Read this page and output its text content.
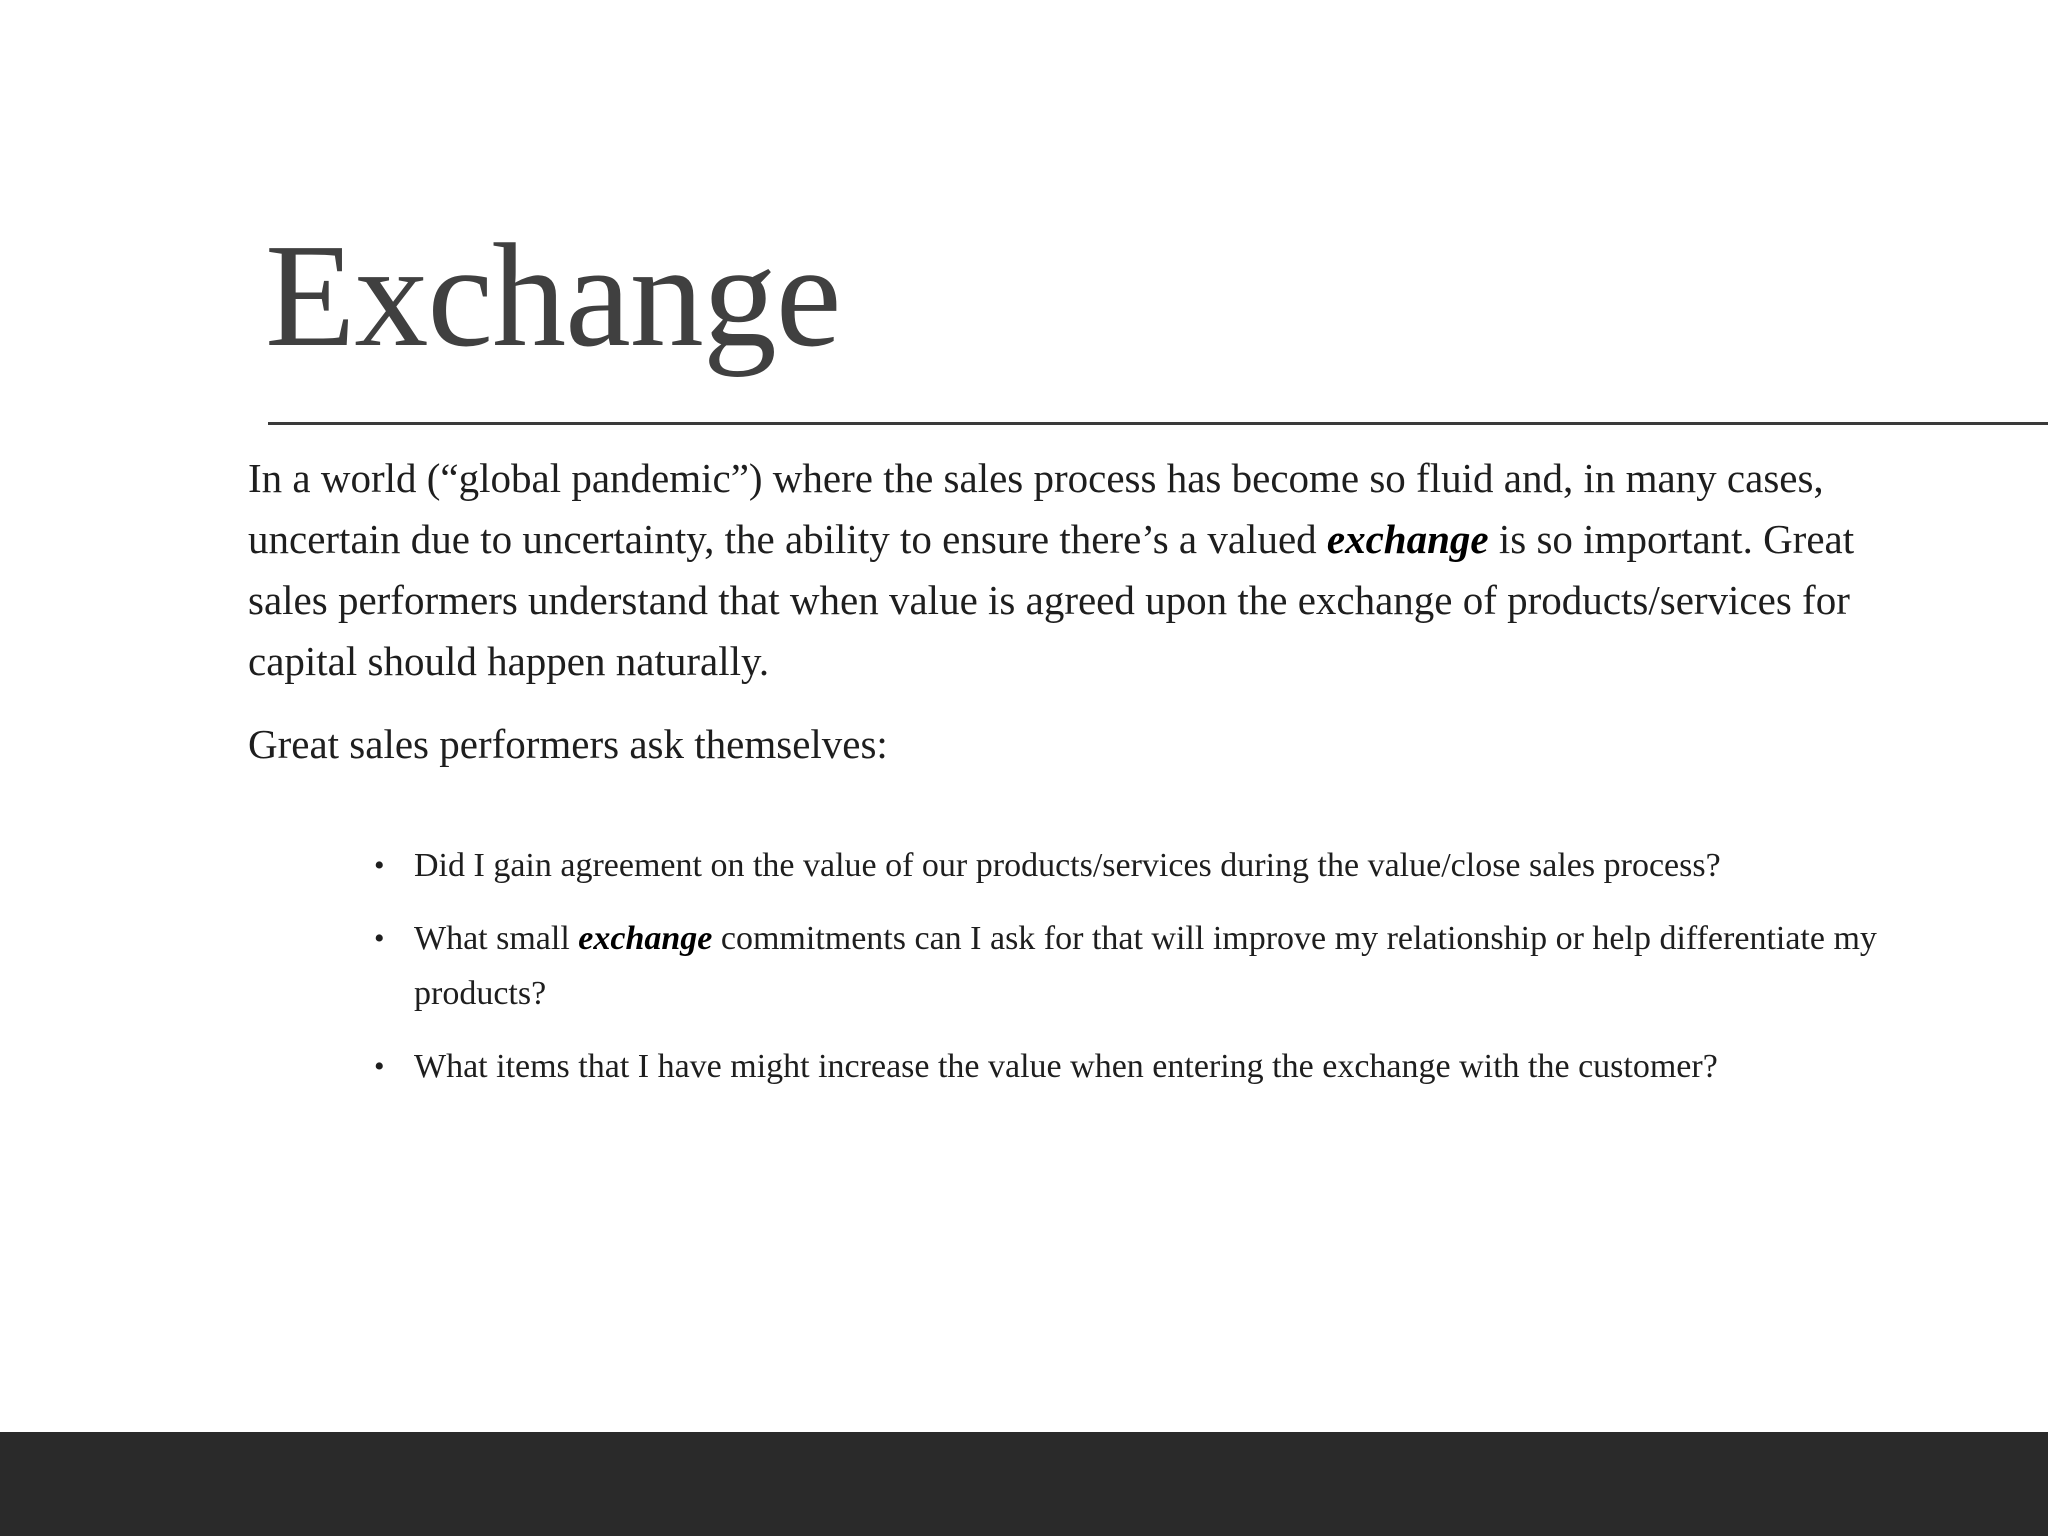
Exchange

In a world (“global pandemic”) where the sales process has become so fluid and, in many cases, uncertain due to uncertainty, the ability to ensure there’s a valued exchange is so important. Great sales performers understand that when value is agreed upon the exchange of products/services for capital should happen naturally.

Great sales performers ask themselves:

• Did I gain agreement on the value of our products/services during the value/close sales process?
• What small exchange commitments can I ask for that will improve my relationship or help differentiate my products?
• What items that I have might increase the value when entering the exchange with the customer?
